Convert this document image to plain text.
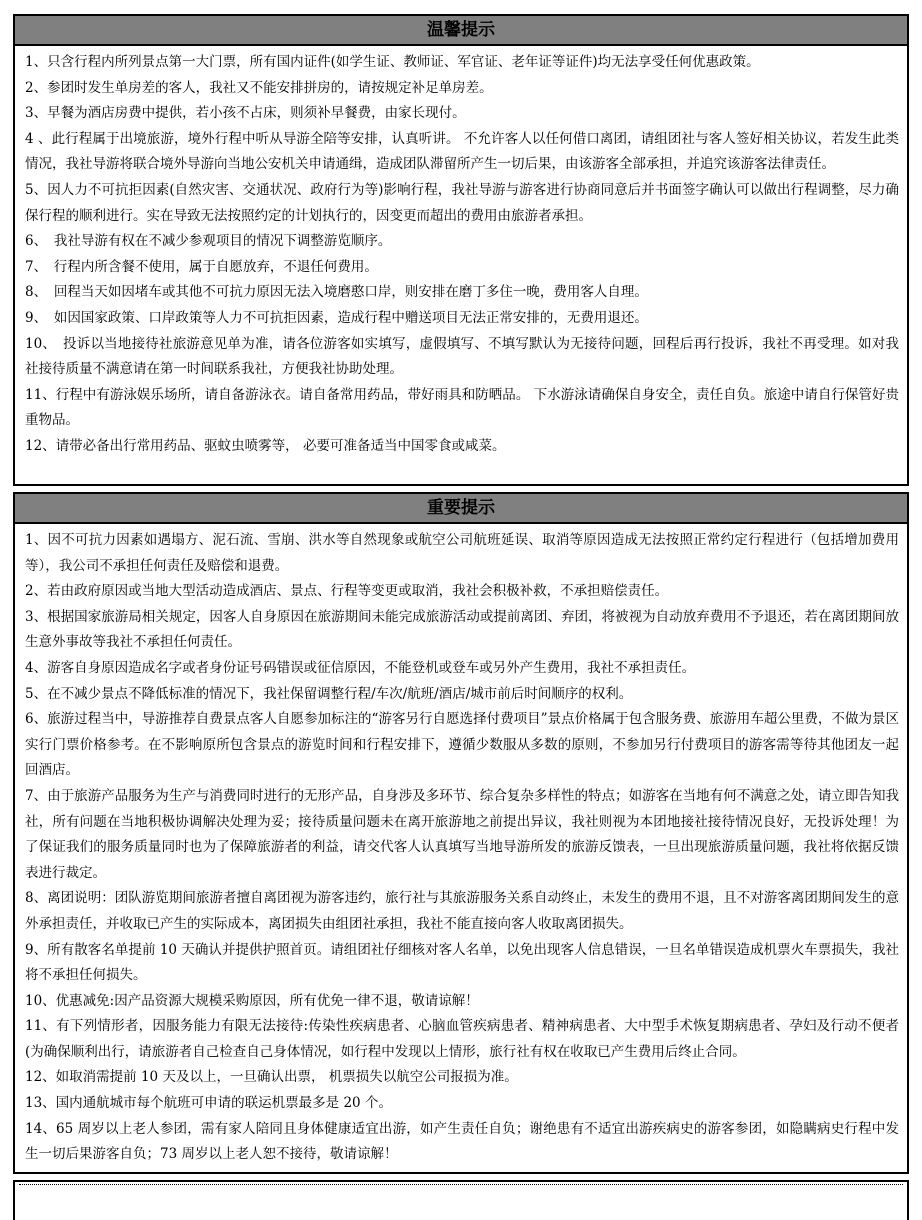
温馨提示

1、只含行程内所列景点第一大门票，所有国内证件(如学生证、教师证、军官证、老年证等证件)均无法享受任何优惠政策。

2、参团时发生单房差的客人，我社又不能安排拼房的，请按规定补足单房差。

3、早餐为酒店房费中提供，若小孩不占床，则须补早餐费，由家长现付。

4 、此行程属于出境旅游，境外行程中听从导游全陪等安排，认真听讲。 不允许客人以任何借口离团，请组团社与客人签好相关协议，若发生此类情况，我社导游将联合境外导游向当地公安机关申请通缉，造成团队滞留所产生一切后果，由该游客全部承担，并追究该游客法律责任。

5、因人力不可抗拒因素(自然灾害、交通状况、政府行为等)影响行程，我社导游与游客进行协商同意后并书面签字确认可以做出行程调整，尽力确保行程的顺利进行。实在导致无法按照约定的计划执行的，因变更而超出的费用由旅游者承担。

6、　我社导游有权在不减少参观项目的情况下调整游览顺序。

7、　行程内所含餐不使用，属于自愿放弃，不退任何费用。

8、　回程当天如因堵车或其他不可抗力原因无法入境磨憨口岸，则安排在磨丁多住一晚，费用客人自理。

9、　如因国家政策、口岸政策等人力不可抗拒因素，造成行程中赠送项目无法正常安排的，无费用退还。

10、　投诉以当地接待社旅游意见单为准，请各位游客如实填写，虚假填写、不填写默认为无接待问题，回程后再行投诉，我社不再受理。如对我社接待质量不满意请在第一时间联系我社，方便我社协助处理。

11、行程中有游泳娱乐场所，请自备游泳衣。请自备常用药品，带好雨具和防晒品。 下水游泳请确保自身安全，责任自负。旅途中请自行保管好贵重物品。

12、请带必备出行常用药品、驱蚊虫喷雾等， 必要可准备适当中国零食或咸菜。

重要提示

1、因不可抗力因素如遇塌方、泥石流、雪崩、洪水等自然现象或航空公司航班延误、取消等原因造成无法按照正常约定行程进行（包括增加费用等），我公司不承担任何责任及赔偿和退费。

2、若由政府原因或当地大型活动造成酒店、景点、行程等变更或取消，我社会积极补救，不承担赔偿责任。

3、根据国家旅游局相关规定，因客人自身原因在旅游期间未能完成旅游活动或提前离团、弃团，将被视为自动放弃费用不予退还，若在离团期间放生意外事故等我社不承担任何责任。

4、游客自身原因造成名字或者身份证号码错误或征信原因，不能登机或登车或另外产生费用，我社不承担责任。

5、在不减少景点不降低标准的情况下，我社保留调整行程/车次/航班/酒店/城市前后时间顺序的权利。

6、旅游过程当中，导游推荐自费景点客人自愿参加标注的“游客另行自愿选择付费项目”景点价格属于包含服务费、旅游用车超公里费，不做为景区实行门票价格参考。在不影响原所包含景点的游览时间和行程安排下，遵循少数服从多数的原则，不参加另行付费项目的游客需等待其他团友一起回酒店。

7、由于旅游产品服务为生产与消费同时进行的无形产品，自身涉及多环节、综合复杂多样性的特点；如游客在当地有何不满意之处，请立即告知我社，所有问题在当地积极协调解决处理为妥；接待质量问题未在离开旅游地之前提出异议，我社则视为本团地接社接待情况良好，无投诉处理！为了保证我们的服务质量同时也为了保障旅游者的利益，请交代客人认真填写当地导游所发的旅游反馈表，一旦出现旅游质量问题，我社将依据反馈表进行裁定。

8、离团说明：团队游览期间旅游者擅自离团视为游客违约，旅行社与其旅游服务关系自动终止，未发生的费用不退，且不对游客离团期间发生的意外承担责任，并收取已产生的实际成本，离团损失由组团社承担，我社不能直接向客人收取离团损失。

9、所有散客名单提前 10 天确认并提供护照首页。请组团社仔细核对客人名单，以免出现客人信息错误，一旦名单错误造成机票火车票损失，我社将不承担任何损失。

10、优惠减免:因产品资源大规模采购原因，所有优免一律不退，敬请谅解！

11、有下列情形者，因服务能力有限无法接待:传染性疾病患者、心脑血管疾病患者、精神病患者、大中型手术恢复期病患者、孕妇及行动不便者(为确保顺利出行，请旅游者自己检查自己身体情况，如行程中发现以上情形，旅行社有权在收取已产生费用后终止合同。

12、如取消需提前 10 天及以上，一旦确认出票， 机票损失以航空公司报损为准。

13、国内通航城市每个航班可申请的联运机票最多是 20 个。

14、65 周岁以上老人参团，需有家人陪同且身体健康适宜出游，如产生责任自负；谢绝患有不适宜出游疾病史的游客参团，如隐瞒病史行程中发生一切后果游客自负；73 周岁以上老人恕不接待，敬请谅解！
